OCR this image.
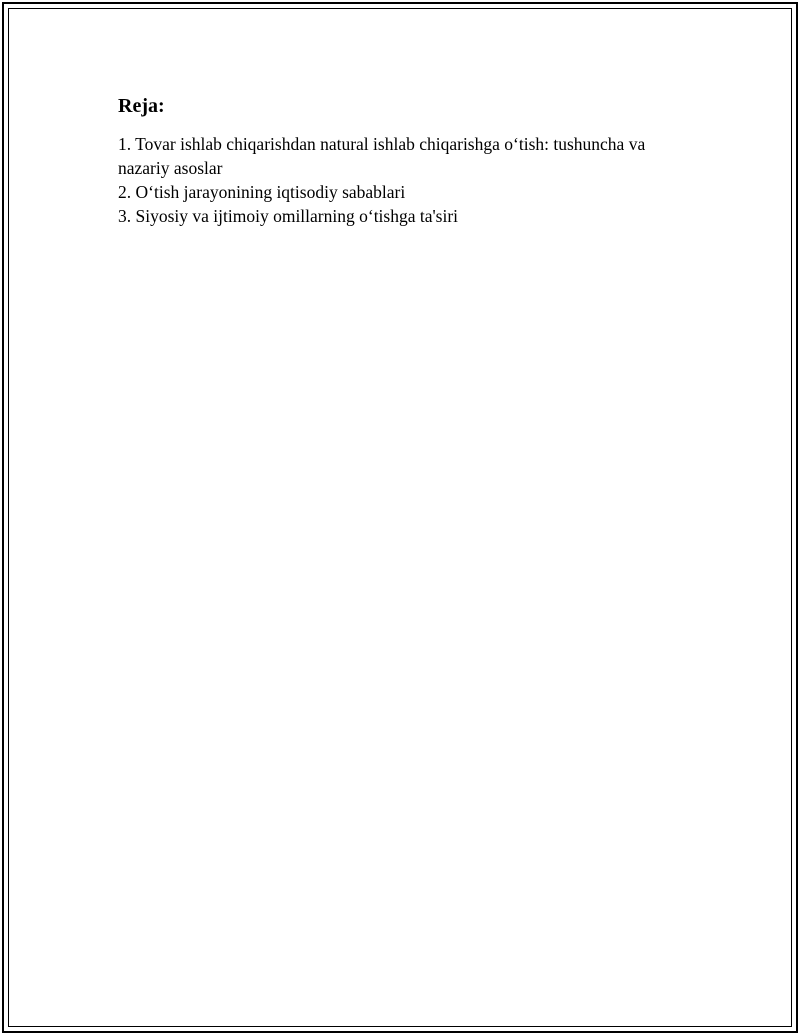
Reja:
1. Tovar ishlab chiqarishdan natural ishlab chiqarishga o‘tish: tushuncha va nazariy asoslar
2. O‘tish jarayonining iqtisodiy sabablari
3. Siyosiy va ijtimoiy omillarning o‘tishga ta'siri
